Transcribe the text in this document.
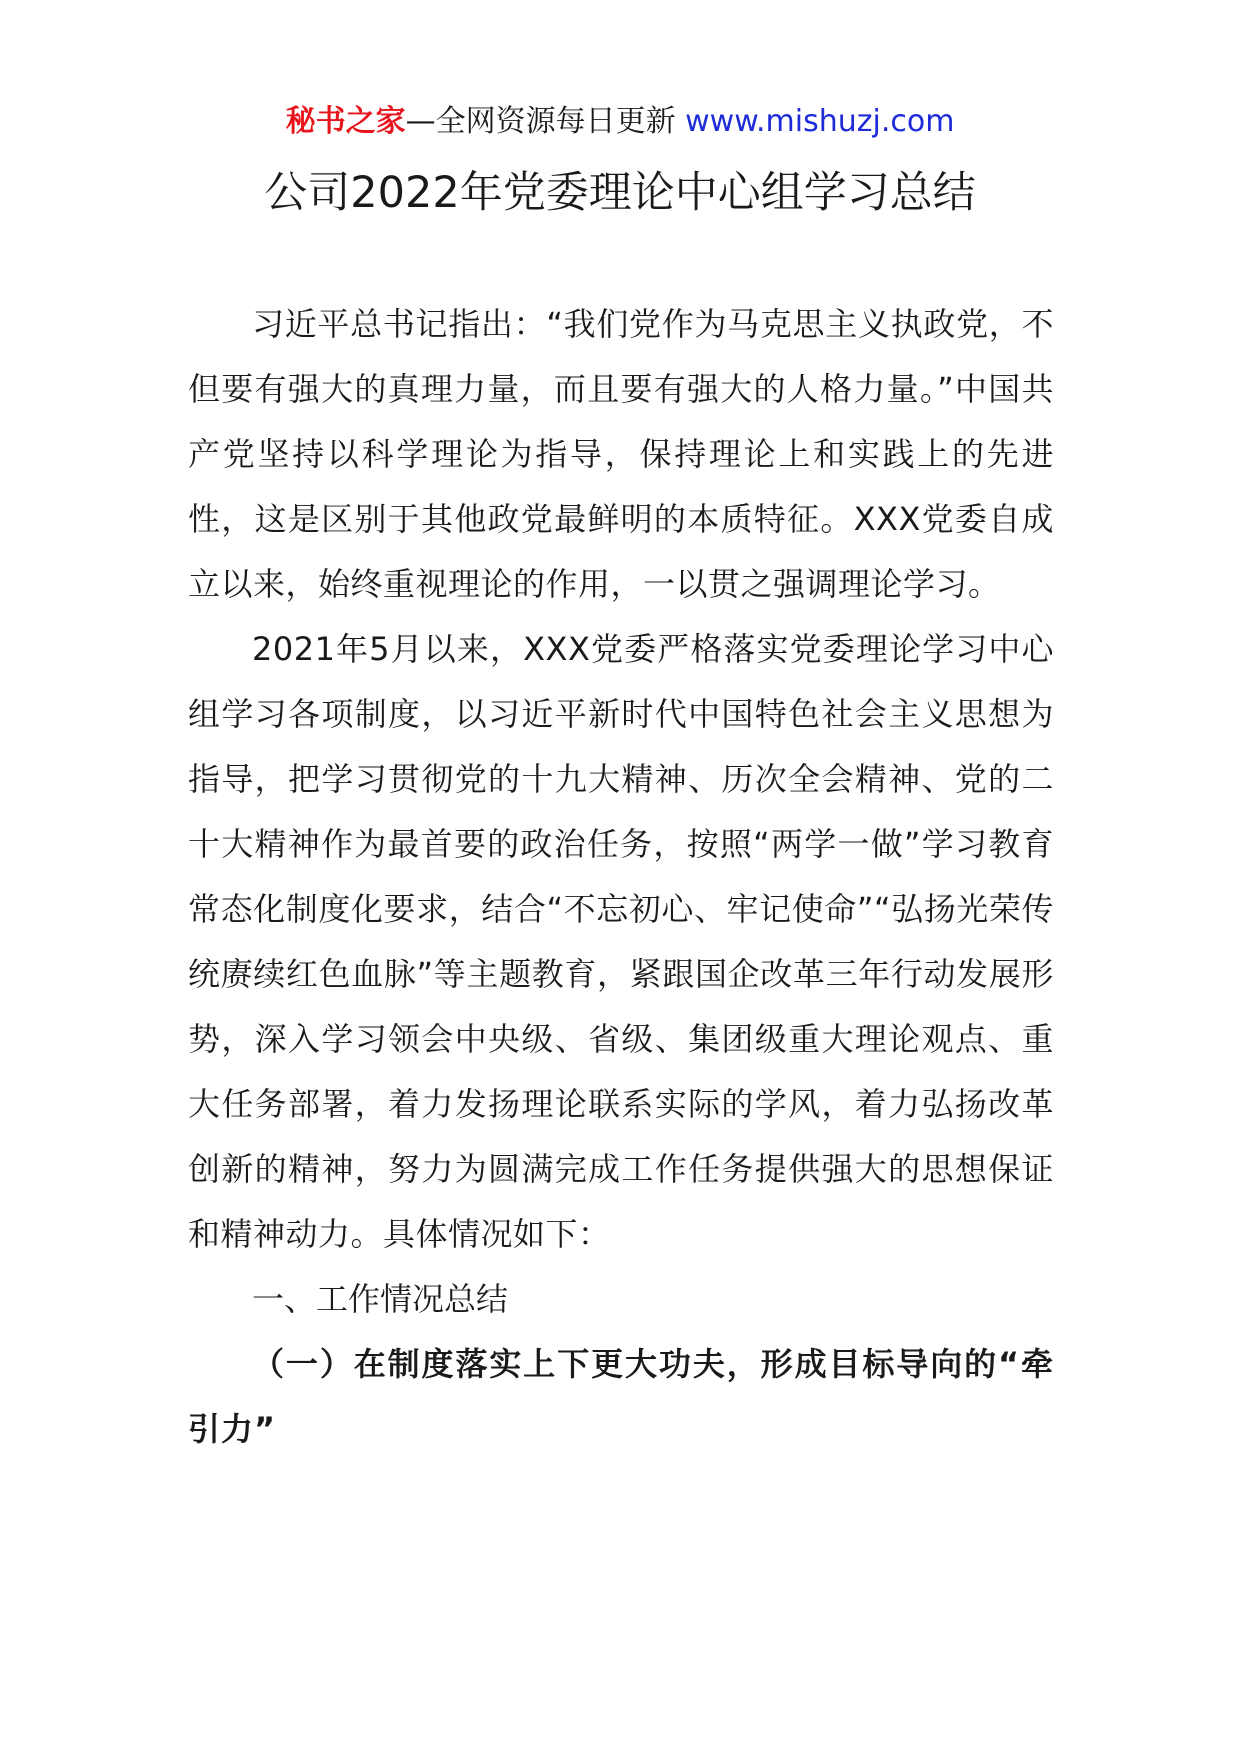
秘书之家—全网资源每日更新 www.mishuzj.com
公司2022年党委理论中心组学习总结

习近平总书记指出：“我们党作为马克思主义执政党，不但要有强大的真理力量，而且要有强大的人格力量。”中国共产党坚持以科学理论为指导，保持理论上和实践上的先进性，这是区别于其他政党最鲜明的本质特征。XXX党委自成立以来，始终重视理论的作用，一以贯之强调理论学习。

2021年5月以来，XXX党委严格落实党委理论学习中心组学习各项制度，以习近平新时代中国特色社会主义思想为指导，把学习贯彻党的十九大精神、历次全会精神、党的二十大精神作为最首要的政治任务，按照“两学一做”学习教育常态化制度化要求，结合“不忘初心、牢记使命”“弘扬光荣传统赓续红色血脉”等主题教育，紧跟国企改革三年行动发展形势，深入学习领会中央级、省级、集团级重大理论观点、重大任务部署，着力发扬理论联系实际的学风，着力弘扬改革创新的精神，努力为圆满完成工作任务提供强大的思想保证和精神动力。具体情况如下：

一、工作情况总结

（一）在制度落实上下更大功夫，形成目标导向的“牵引力”
